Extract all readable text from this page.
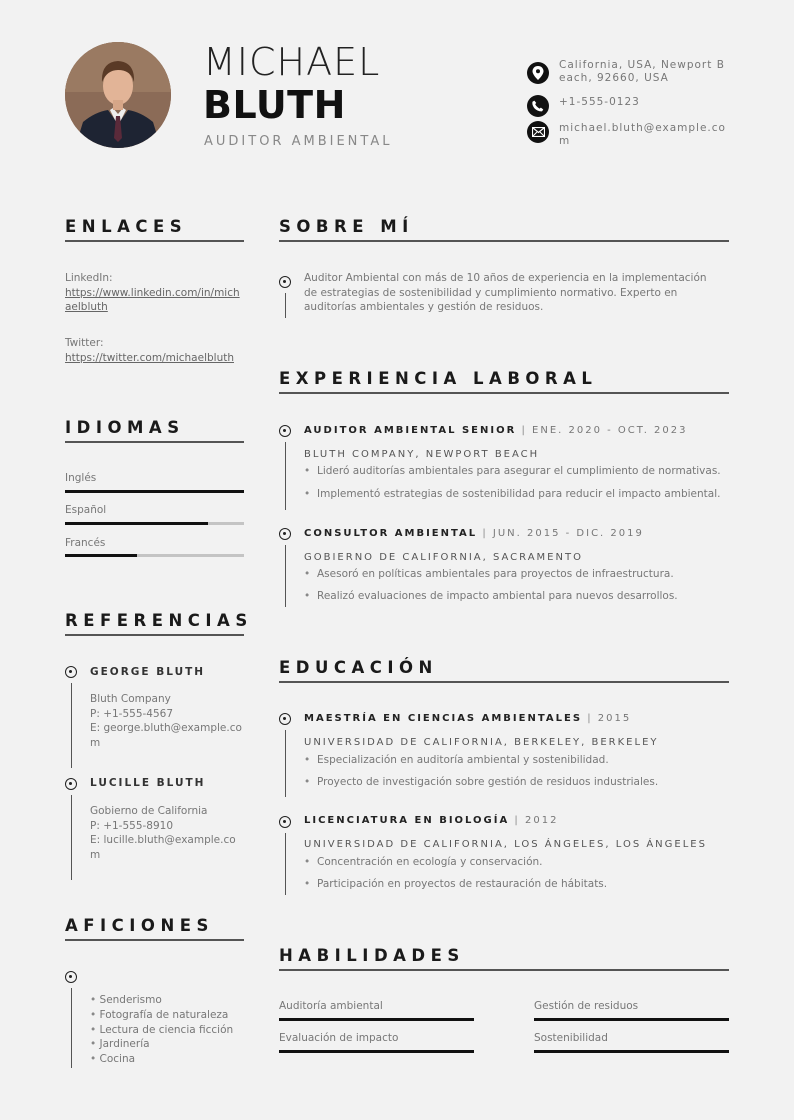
MICHAEL
BLUTH
AUDITOR AMBIENTAL
California, USA, Newport Beach, 92660, USA
+1-555-0123
michael.bluth@example.com
ENLACES
LinkedIn:
https://www.linkedin.com/in/michaelbluth
Twitter:
https://twitter.com/michaelbluth
IDIOMAS
Inglés
Español
Francés
REFERENCIAS
GEORGE BLUTH
Bluth Company
P: +1-555-4567
E: george.bluth@example.com
LUCILLE BLUTH
Gobierno de California
P: +1-555-8910
E: lucille.bluth@example.com
AFICIONES
• Senderismo
• Fotografía de naturaleza
• Lectura de ciencia ficción
• Jardinería
• Cocina
SOBRE MÍ
Auditor Ambiental con más de 10 años de experiencia en la implementación
de estrategias de sostenibilidad y cumplimiento normativo. Experto en
auditorías ambientales y gestión de residuos.
EXPERIENCIA LABORAL
AUDITOR AMBIENTAL SENIOR | ENE. 2020 - OCT. 2023
BLUTH COMPANY, NEWPORT BEACH
• Lideró auditorías ambientales para asegurar el cumplimiento de normativas.
• Implementó estrategias de sostenibilidad para reducir el impacto ambiental.
CONSULTOR AMBIENTAL | JUN. 2015 - DIC. 2019
GOBIERNO DE CALIFORNIA, SACRAMENTO
• Asesoró en políticas ambientales para proyectos de infraestructura.
• Realizó evaluaciones de impacto ambiental para nuevos desarrollos.
EDUCACIÓN
MAESTRÍA EN CIENCIAS AMBIENTALES | 2015
UNIVERSIDAD DE CALIFORNIA, BERKELEY, BERKELEY
• Especialización en auditoría ambiental y sostenibilidad.
• Proyecto de investigación sobre gestión de residuos industriales.
LICENCIATURA EN BIOLOGÍA | 2012
UNIVERSIDAD DE CALIFORNIA, LOS ÁNGELES, LOS ÁNGELES
• Concentración en ecología y conservación.
• Participación en proyectos de restauración de hábitats.
HABILIDADES
Auditoría ambiental	Gestión de residuos
Evaluación de impacto	Sostenibilidad
